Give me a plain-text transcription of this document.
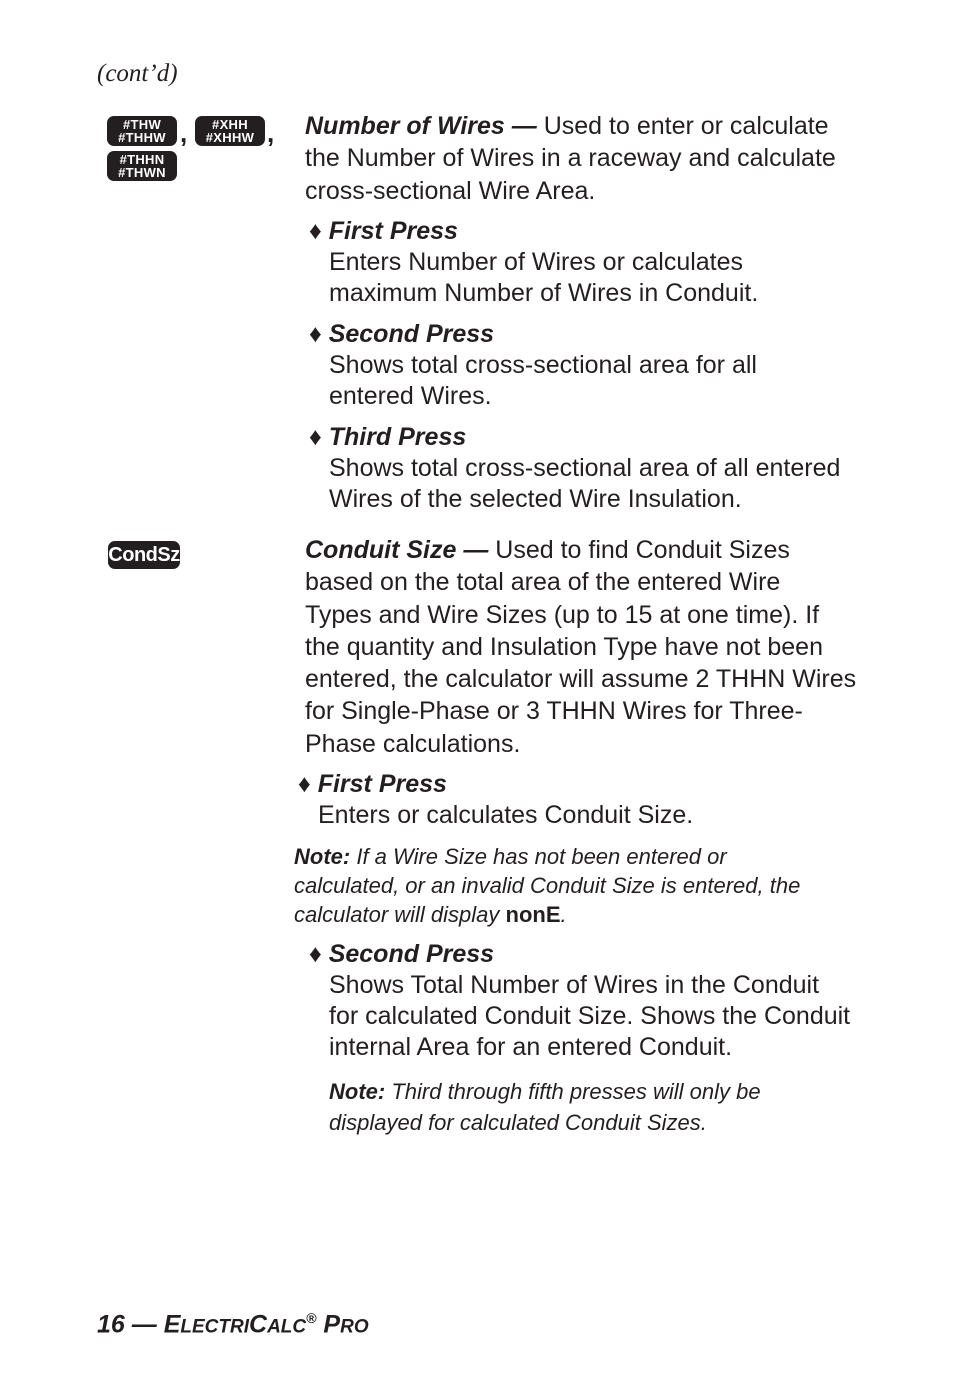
(cont’d)
#THW
#THHW ,	#XHH
#XHHW ,
#THHN
#THWN
Number of Wires — Used to enter or calculate
the Number of Wires in a raceway and calculate
cross-sectional Wire Area.
♦ First Press
Enters Number of Wires or calculates
maximum Number of Wires in Conduit.
♦ Second Press
Shows total cross-sectional area for all
entered Wires.
♦ Third Press
Shows total cross-sectional area of all entered
Wires of the selected Wire Insulation.
CondSz	Conduit Size — Used to find Conduit Sizes
based on the total area of the entered Wire
Types and Wire Sizes (up to 15 at one time). If
the quantity and Insulation Type have not been
entered, the calculator will assume 2 THHN Wires
for Single-Phase or 3 THHN Wires for Three-
Phase calculations.
♦ First Press
Enters or calculates Conduit Size.
Note: If a Wire Size has not been entered or
calculated, or an invalid Conduit Size is entered, the
calculator will display nonE.
♦ Second Press
Shows Total Number of Wires in the Conduit
for calculated Conduit Size. Shows the Conduit
internal Area for an entered Conduit.
Note: Third through fifth presses will only be
displayed for calculated Conduit Sizes.
16 — ELECTRICALC® PRO
